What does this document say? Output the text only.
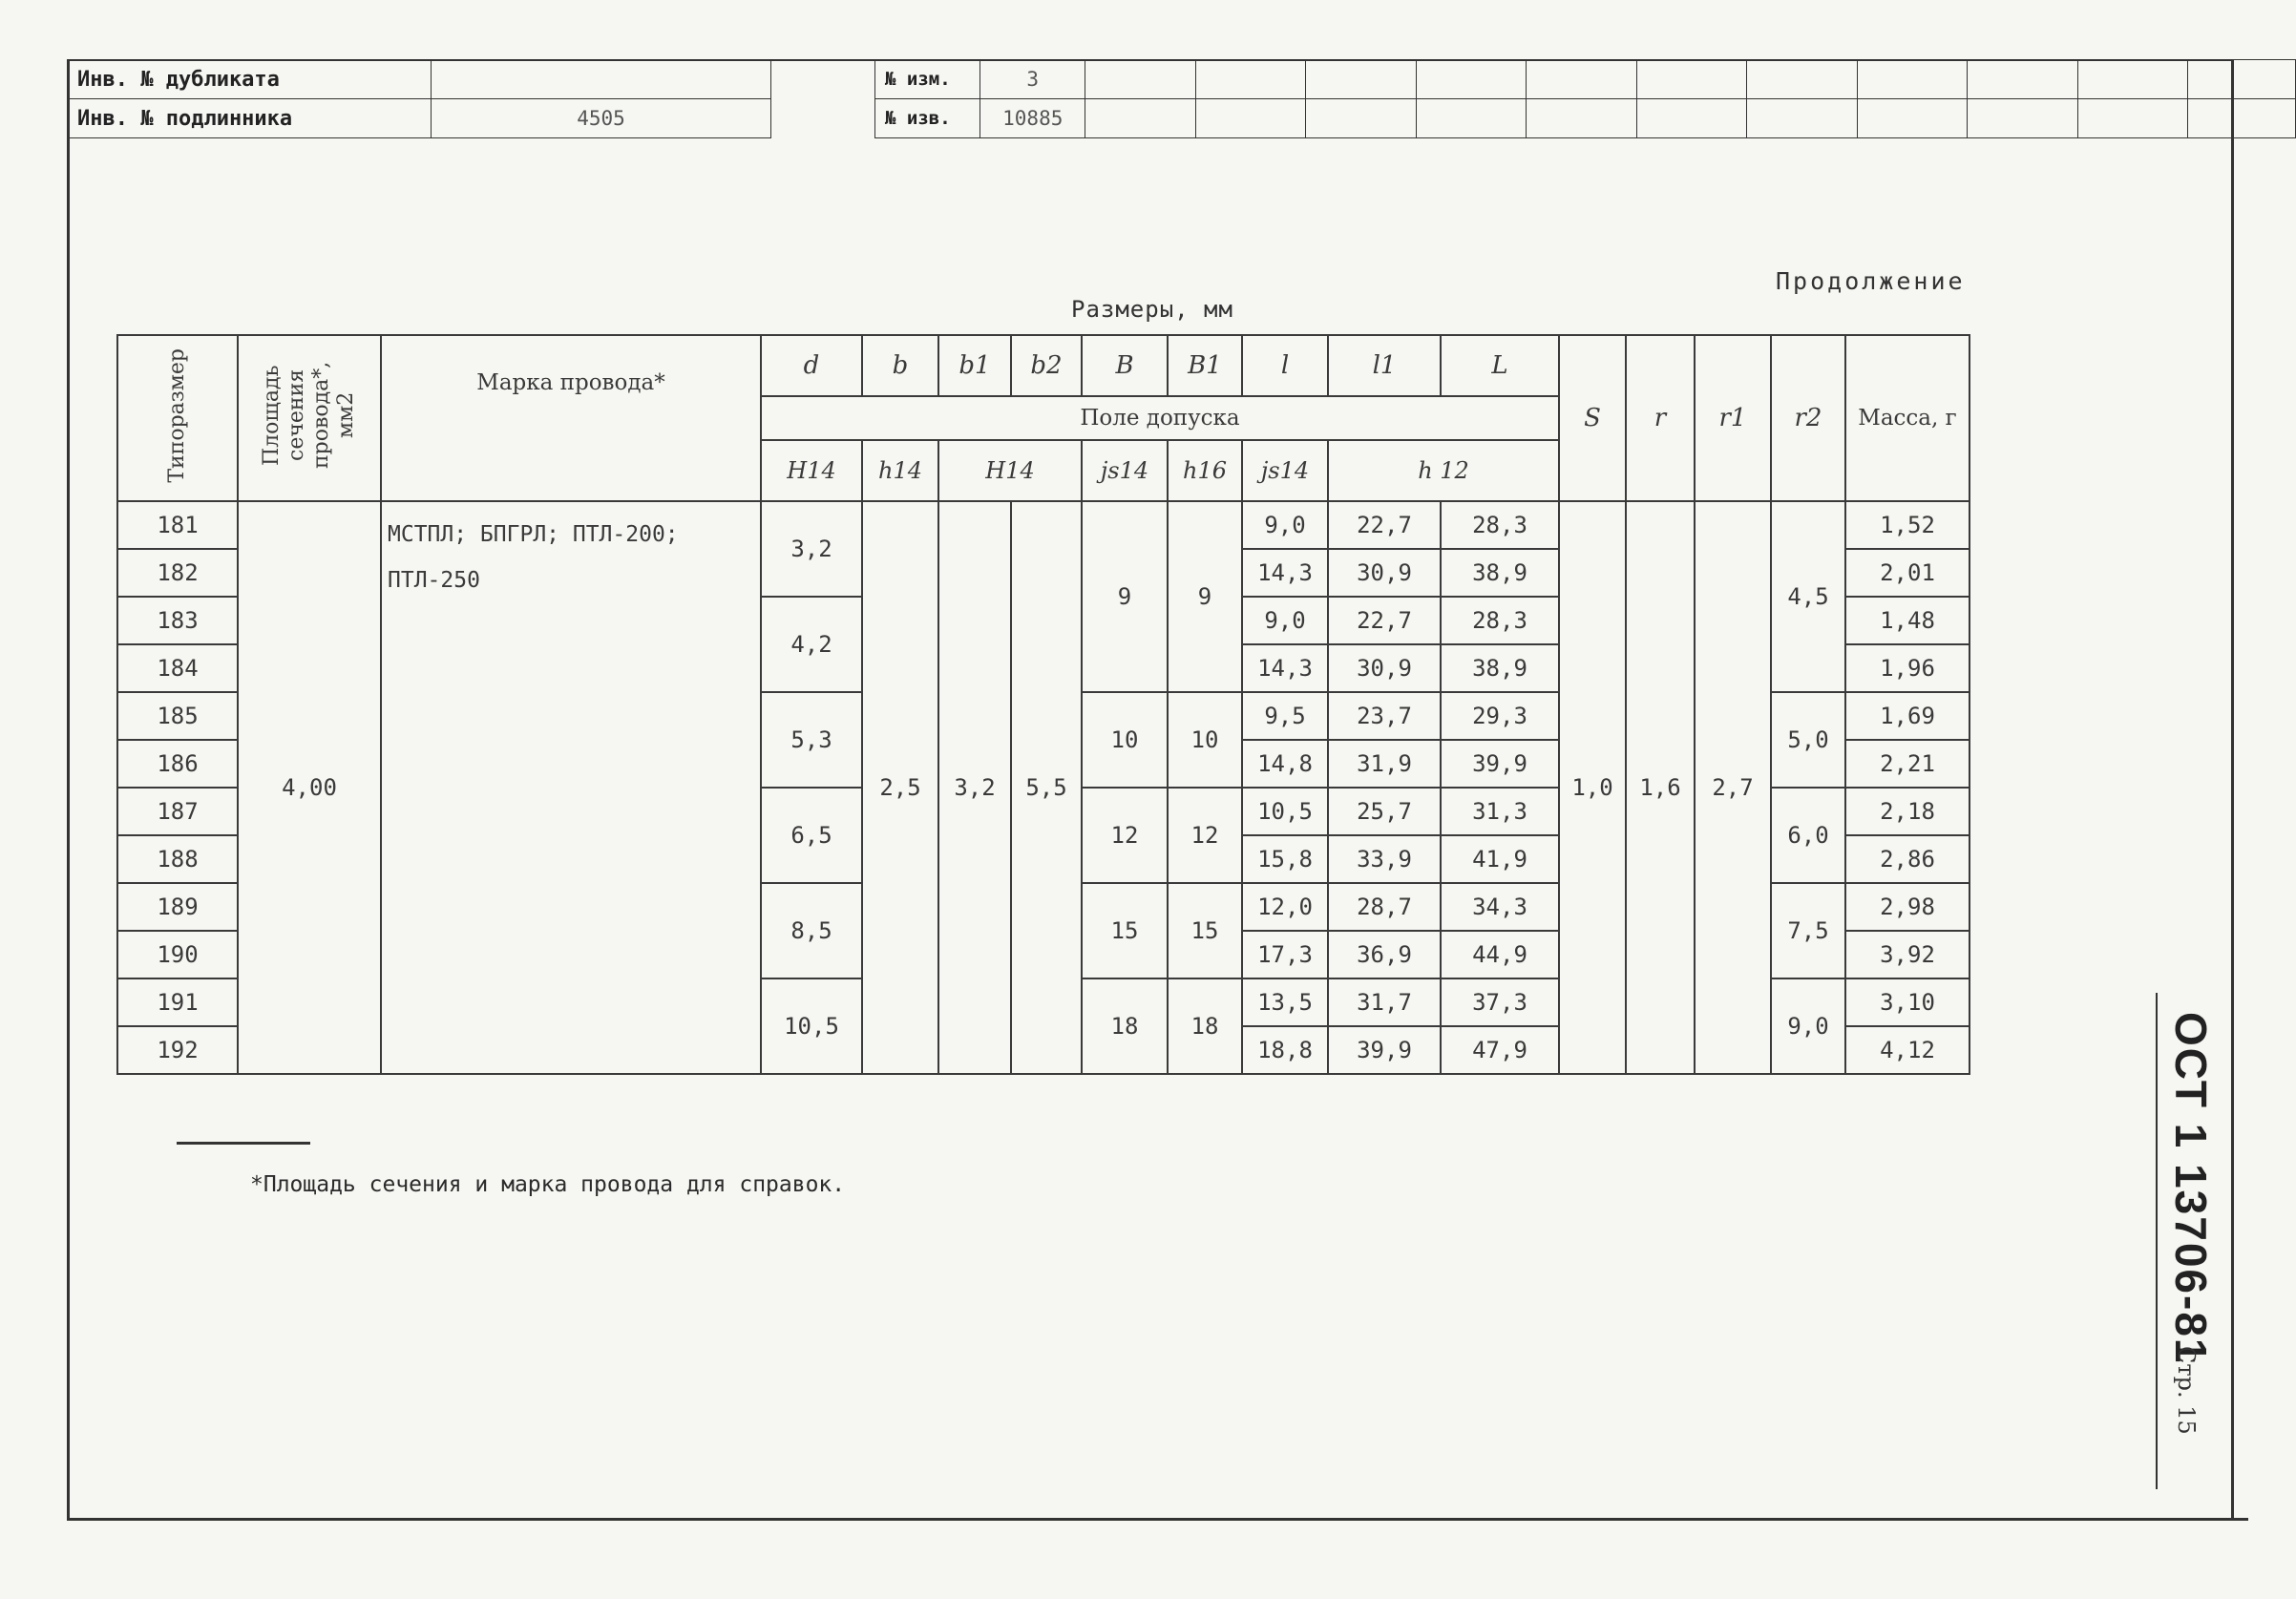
Инв. № дубликата	
Инв. № подлинника	4505
№ изм.	3											
№ изв.	10885											
Продолжение
Размеры, мм
Типоразмер	Площадь сечения провода*, мм2	Марка провода*	d	b	b1	b2	B	B1	l	l1	L	S	r	r1	r2	Масса, г
			Поле допуска													
			H14	h14	H14		js14	h16	js14	h 12						
181	4,00	МСТПЛ; БПГРЛ; ПТЛ-200; ПТЛ-250	3,2	2,5	3,2	5,5	9	9	9,0	22,7	28,3	1,0	1,6	2,7	4,5	1,52
182									14,3	30,9	38,9					2,01
183			4,2						9,0	22,7	28,3					1,48
184									14,3	30,9	38,9					1,96
185			5,3				10	10	9,5	23,7	29,3				5,0	1,69
186									14,8	31,9	39,9					2,21
187			6,5				12	12	10,5	25,7	31,3				6,0	2,18
188									15,8	33,9	41,9					2,86
189			8,5				15	15	12,0	28,7	34,3				7,5	2,98
190									17,3	36,9	44,9					3,92
191			10,5				18	18	13,5	31,7	37,3				9,0	3,10
192									18,8	39,9	47,9					4,12
*Площадь сечения и марка провода для справок.	ОСТ 1 13706-81
Стр. 15
